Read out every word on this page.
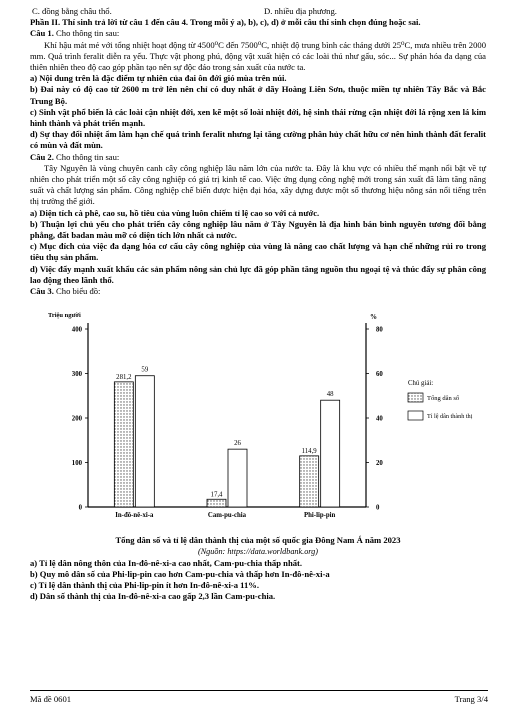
C. đồng bằng châu thổ.	D. nhiều địa phương.

Phần II. Thí sinh trả lời từ câu 1 đến câu 4. Trong mỗi ý a), b), c), d) ở mỗi câu thí sinh chọn đúng hoặc sai.

Câu 1. Cho thông tin sau:

Khí hậu mát mẻ với tổng nhiệt hoạt động từ 4500⁰C đến 7500⁰C, nhiệt độ trung bình các tháng dưới 25⁰C, mưa nhiều trên 2000 mm. Quá trình feralit diễn ra yếu. Thực vật phong phú, động vật xuất hiện có các loài thú như gấu, sóc... Sự phản hóa đa dạng của thiên nhiên theo độ cao góp phần tạo nên sự độc đáo trong sản xuất của nước ta.

a) Nội dung trên là đặc điểm tự nhiên của đai ôn đới gió mùa trên núi.

b) Đai này có độ cao từ 2600 m trở lên nên chỉ có duy nhất ở dãy Hoàng Liên Sơn, thuộc miền tự nhiên Tây Bắc và Bắc Trung Bộ.

c) Sinh vật phổ biến là các loài cận nhiệt đới, xen kẽ một số loài nhiệt đới, hệ sinh thái rừng cận nhiệt đới lá rộng xen lá kim hình thành và phát triển mạnh.

d) Sự thay đổi nhiệt ẩm làm hạn chế quá trình feralit nhưng lại tăng cường phân hủy chất hữu cơ nên hình thành đất feralit có mùn và đất mùn.

Câu 2. Cho thông tin sau:

Tây Nguyên là vùng chuyên canh cây công nghiệp lâu năm lớn của nước ta. Đây là khu vực có nhiều thế mạnh nổi bật về tự nhiên cho phát triển một số cây công nghiệp có giá trị kinh tế cao. Việc ứng dụng công nghệ mới trong sản xuất đã làm tăng năng suất và chất lượng sản phẩm. Công nghiệp chế biến được hiện đại hóa, xây dựng được một số thương hiệu nông sản nổi tiếng trên thị trường thế giới.

a) Diện tích cà phê, cao su, hồ tiêu của vùng luôn chiếm tỉ lệ cao so với cả nước.

b) Thuận lợi chủ yếu cho phát triển cây công nghiệp lâu năm ở Tây Nguyên là địa hình bán bình nguyên tương đối bằng phẳng, đất badan màu mỡ có diện tích lớn nhất cả nước.

c) Mục đích của việc đa dạng hóa cơ cấu cây công nghiệp của vùng là nâng cao chất lượng và hạn chế những rủi ro trong tiêu thụ sản phẩm.

d) Việc đẩy mạnh xuất khẩu các sản phẩm nông sản chủ lực đã góp phần tăng nguồn thu ngoại tệ và thúc đẩy sự phân công lao động theo lãnh thổ.

Câu 3. Cho biểu đồ:

Triệu người	%
0
100
200
300
400
0
20
40
60
80
281,2
59
In-đô-nê-xi-a
17,4
26
Cam-pu-chia
114,9
48
Phi-lip-pin
Chú giải:
Tổng dân số
Tỉ lệ dân thành thị

Tổng dân số và tỉ lệ dân thành thị của một số quốc gia Đông Nam Á năm 2023

(Nguồn: https://data.worldbank.org)

a) Tỉ lệ dân nông thôn của In-đô-nê-xi-a cao nhất, Cam-pu-chia thấp nhất.

b) Quy mô dân số của Phi-lip-pin cao hơn Cam-pu-chia và thấp hơn In-đô-nê-xi-a

c) Tỉ lệ dân thành thị của Phi-lip-pin ít hơn In-đô-nê-xi-a 11%.

d) Dân số thành thị của In-đô-nê-xi-a cao gấp 2,3 lần Cam-pu-chia.

Mã đề 0601	Trang 3/4
